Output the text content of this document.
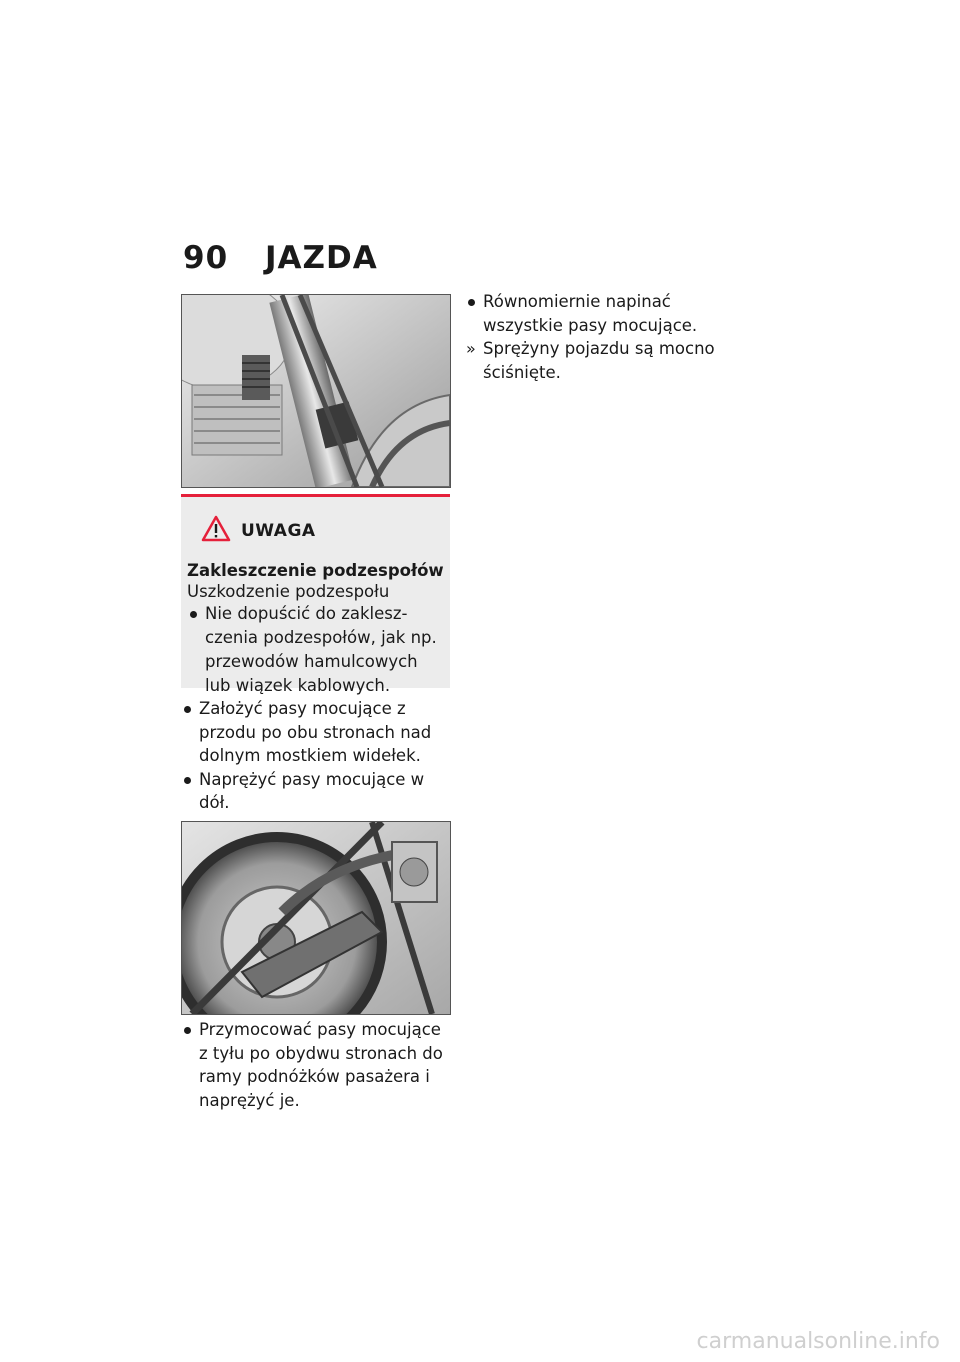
90 JAZDA
UWAGA
Zakleszczenie podzespołów
Uszkodzenie podzespołu
Nie dopuścić do zaklesz-czenia podzespołów, jak np. przewodów hamulcowych lub wiązek kablowych.
Założyć pasy mocujące z przodu po obu stronach nad dolnym mostkiem widełek.
Naprężyć pasy mocujące w dół.
Przymocować pasy mocujące z tyłu po obydwu stronach do ramy podnóżków pasażera i naprężyć je.
Równomiernie napinać wszystkie pasy mocujące.
» Sprężyny pojazdu są mocno ściśnięte.
carmanualsonline.info
